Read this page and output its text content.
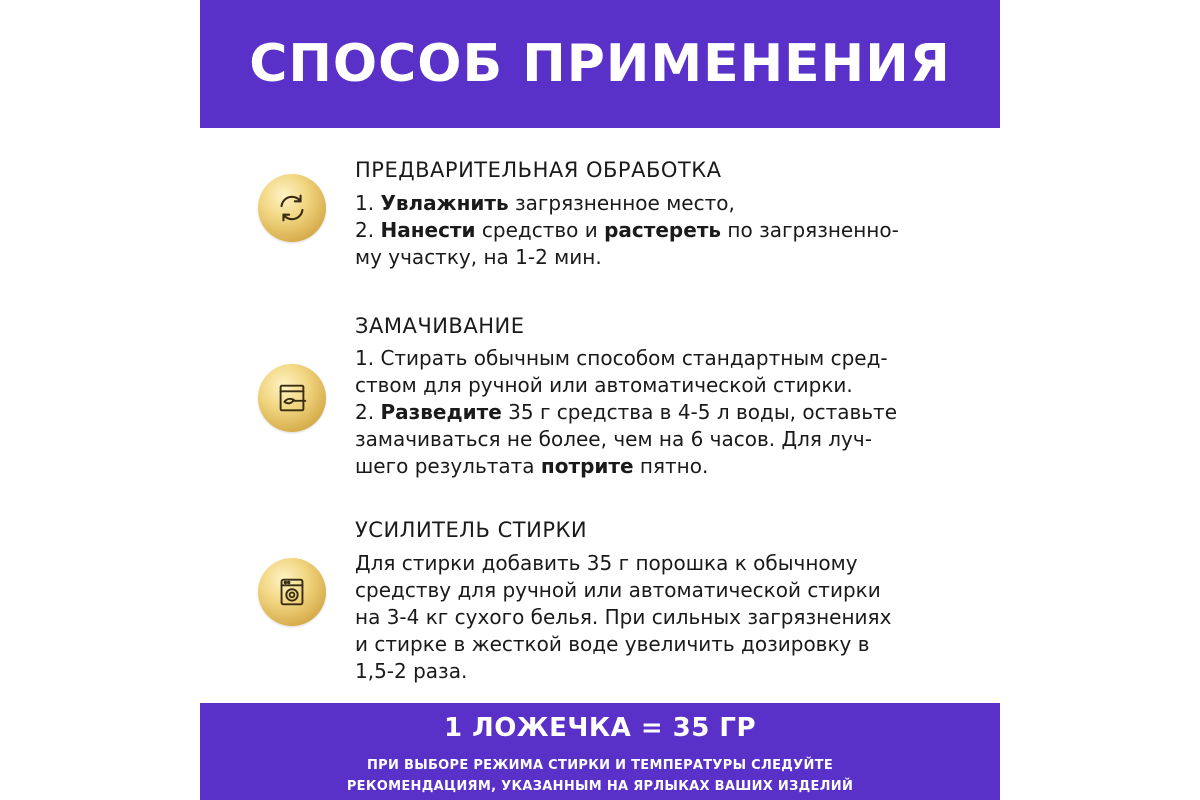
СПОСОБ ПРИМЕНЕНИЯ
ПРЕДВАРИТЕЛЬНАЯ ОБРАБОТКА
1. Увлажнить загрязненное место,
2. Нанести средство и растереть по загрязненно-
му участку, на 1-2 мин.
ЗАМАЧИВАНИЕ
1. Стирать обычным способом стандартным сред-
ством для ручной или автоматической стирки.
2. Разведите 35 г средства в 4-5 л воды, оставьте
замачиваться не более, чем на 6 часов. Для луч-
шего результата потрите пятно.
УСИЛИТЕЛЬ СТИРКИ
Для стирки добавить 35 г порошка к обычному
средству для ручной или автоматической стирки
на 3-4 кг сухого белья. При сильных загрязнениях
и стирке в жесткой воде увеличить дозировку в
1,5-2 раза.
1 ЛОЖЕЧКА = 35 ГР
ПРИ ВЫБОРЕ РЕЖИМА СТИРКИ И ТЕМПЕРАТУРЫ СЛЕДУЙТЕ
РЕКОМЕНДАЦИЯМ, УКАЗАННЫМ НА ЯРЛЫКАХ ВАШИХ ИЗДЕЛИЙ
